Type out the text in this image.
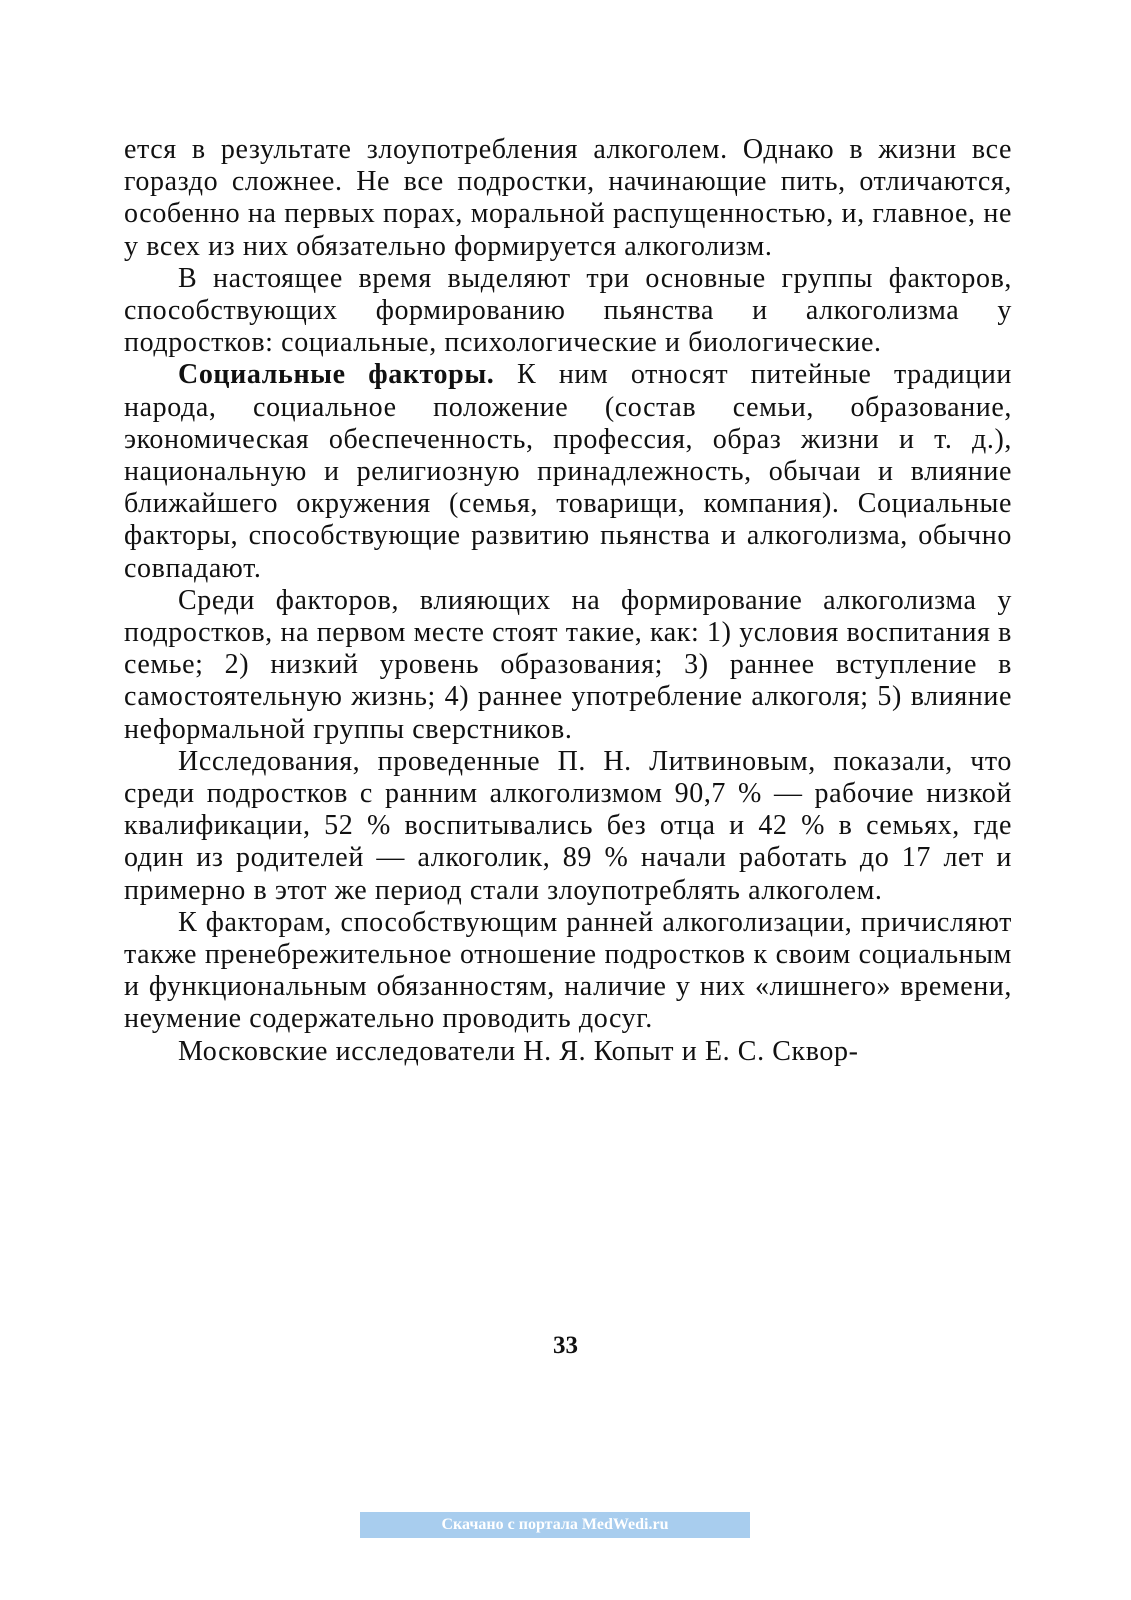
ется в результате злоупотребления алкоголем. Однако в жизни все гораздо сложнее. Не все подростки, начинающие пить, отличаются, особенно на первых порах, моральной распущенностью, и, главное, не у всех из них обязательно формируется алкоголизм.

В настоящее время выделяют три основные группы факторов, способствующих формированию пьянства и алкоголизма у подростков: социальные, психологические и биологические.

Социальные факторы. К ним относят питейные традиции народа, социальное положение (состав семьи, образование, экономическая обеспеченность, профессия, образ жизни и т. д.), национальную и религиозную принадлежность, обычаи и влияние ближайшего окружения (семья, товарищи, компания). Социальные факторы, способствующие развитию пьянства и алкоголизма, обычно совпадают.

Среди факторов, влияющих на формирование алкоголизма у подростков, на первом месте стоят такие, как: 1) условия воспитания в семье; 2) низкий уровень образования; 3) раннее вступление в самостоятельную жизнь; 4) раннее употребление алкоголя; 5) влияние неформальной группы сверстников.

Исследования, проведенные П. Н. Литвиновым, показали, что среди подростков с ранним алкоголизмом 90,7 % — рабочие низкой квалификации, 52 % воспитывались без отца и 42 % в семьях, где один из родителей — алкоголик, 89 % начали работать до 17 лет и примерно в этот же период стали злоупотреблять алкоголем.

К факторам, способствующим ранней алкоголизации, причисляют также пренебрежительное отношение подростков к своим социальным и функциональным обязанностям, наличие у них «лишнего» времени, неумение содержательно проводить досуг.

Московские исследователи Н. Я. Копыт и Е. С. Сквор-

33
Скачано с портала MedWedi.ru
